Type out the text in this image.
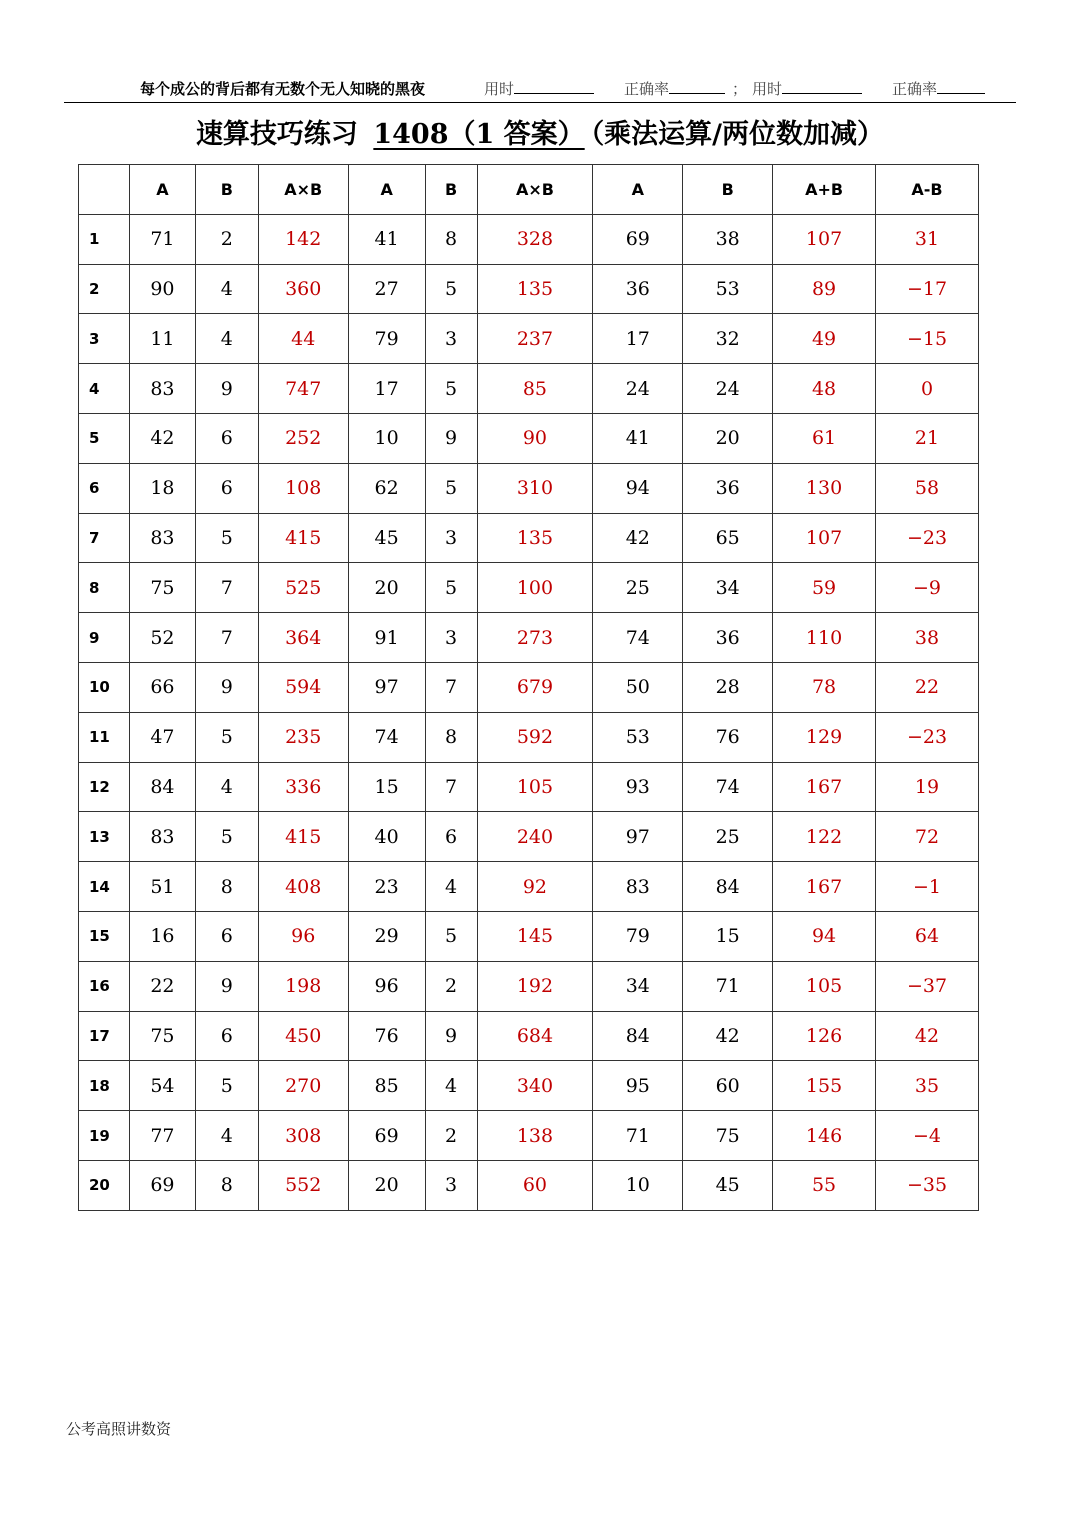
每个成公的背后都有无数个无人知晓的黑夜	用时	正确率	； 用时	正确率
速算技巧练习 1408（1 答案） （乘法运算/两位数加减）
	A	B	A×B	A	B	A×B	A	B	A+B	A-B
1	71	2	142	41	8	328	69	38	107	31
2	90	4	360	27	5	135	36	53	89	−17
3	11	4	44	79	3	237	17	32	49	−15
4	83	9	747	17	5	85	24	24	48	0
5	42	6	252	10	9	90	41	20	61	21
6	18	6	108	62	5	310	94	36	130	58
7	83	5	415	45	3	135	42	65	107	−23
8	75	7	525	20	5	100	25	34	59	−9
9	52	7	364	91	3	273	74	36	110	38
10	66	9	594	97	7	679	50	28	78	22
11	47	5	235	74	8	592	53	76	129	−23
12	84	4	336	15	7	105	93	74	167	19
13	83	5	415	40	6	240	97	25	122	72
14	51	8	408	23	4	92	83	84	167	−1
15	16	6	96	29	5	145	79	15	94	64
16	22	9	198	96	2	192	34	71	105	−37
17	75	6	450	76	9	684	84	42	126	42
18	54	5	270	85	4	340	95	60	155	35
19	77	4	308	69	2	138	71	75	146	−4
20	69	8	552	20	3	60	10	45	55	−35
公考高照讲数资
